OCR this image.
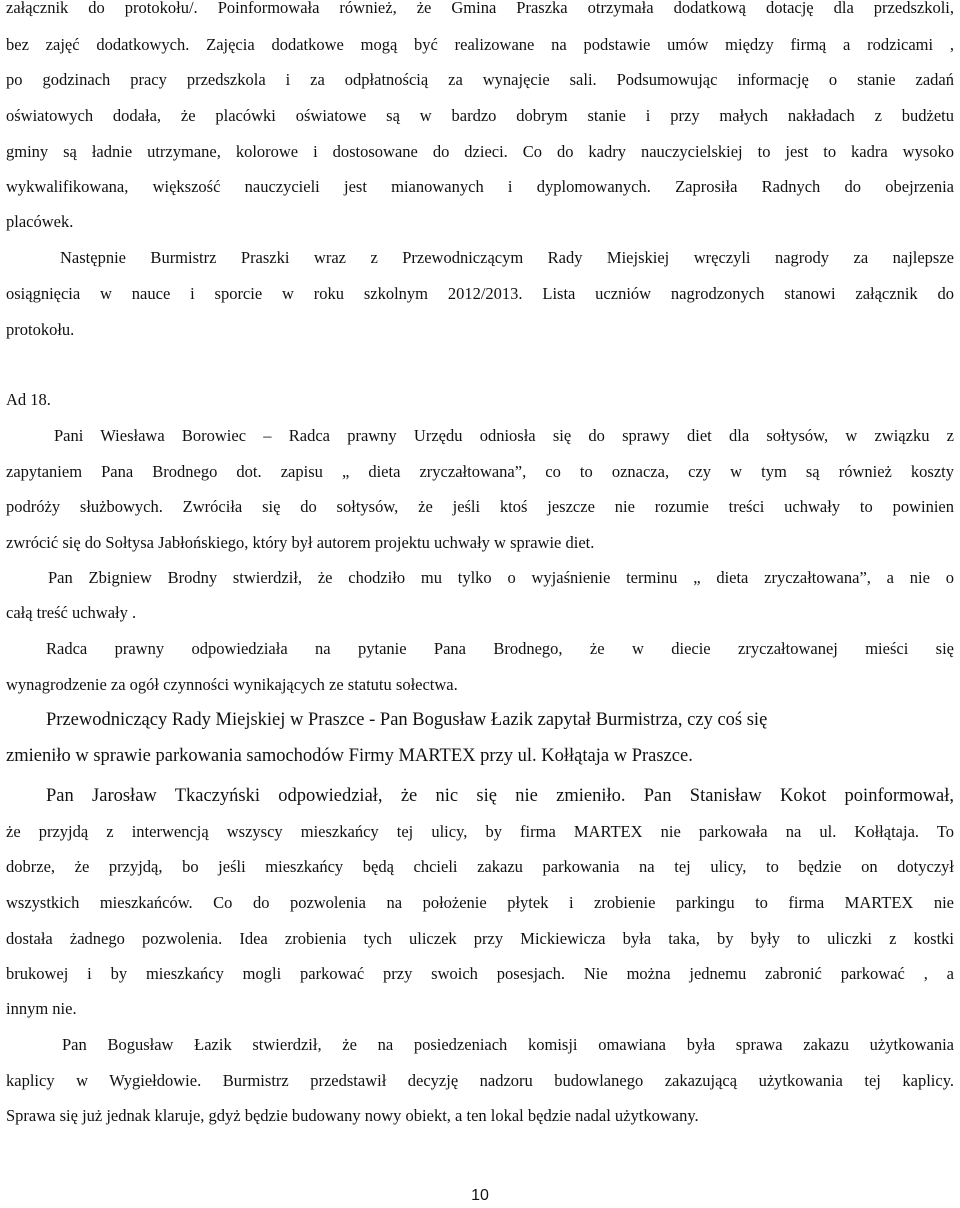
załącznik do protokołu/. Poinformowała również, że Gmina Praszka otrzymała dodatkową dotację dla przedszkoli,
bez zajęć dodatkowych. Zajęcia dodatkowe mogą być realizowane na podstawie umów między firmą a rodzicami ,
po godzinach pracy przedszkola i za odpłatnością za wynajęcie sali. Podsumowując informację o stanie zadań
oświatowych dodała, że placówki oświatowe są w bardzo dobrym stanie i przy małych nakładach z budżetu
gminy są ładnie utrzymane, kolorowe i dostosowane do dzieci. Co do kadry nauczycielskiej to jest to kadra wysoko
wykwalifikowana, większość nauczycieli jest mianowanych i dyplomowanych. Zaprosiła Radnych do obejrzenia
placówek.
Następnie Burmistrz Praszki wraz z Przewodniczącym Rady Miejskiej wręczyli nagrody za najlepsze
osiągnięcia w nauce i sporcie w roku szkolnym 2012/2013. Lista uczniów nagrodzonych stanowi załącznik do
protokołu.
Ad 18.
Pani Wiesława Borowiec – Radca prawny Urzędu odniosła się do sprawy diet dla sołtysów, w związku z
zapytaniem Pana Brodnego dot. zapisu „ dieta zryczałtowana”, co to oznacza, czy w tym są również koszty
podróży służbowych. Zwróciła się do sołtysów, że jeśli ktoś jeszcze nie rozumie treści uchwały to powinien
zwrócić się do Sołtysa Jabłońskiego, który był autorem projektu uchwały w sprawie diet.
Pan Zbigniew Brodny stwierdził, że chodziło mu tylko o wyjaśnienie terminu „ dieta zryczałtowana”, a nie o
całą treść uchwały .
Radca prawny odpowiedziała na pytanie Pana Brodnego, że w diecie zryczałtowanej mieści się
wynagrodzenie za ogół czynności wynikających ze statutu sołectwa.
Przewodniczący Rady Miejskiej w Praszce - Pan Bogusław Łazik zapytał Burmistrza, czy coś się
zmieniło w sprawie parkowania samochodów Firmy MARTEX przy ul. Kołłątaja w Praszce.
Pan Jarosław Tkaczyński odpowiedział, że nic się nie zmieniło. Pan Stanisław Kokot poinformował,
że przyjdą z interwencją wszyscy mieszkańcy tej ulicy, by firma MARTEX nie parkowała na ul. Kołłątaja. To
dobrze, że przyjdą, bo jeśli mieszkańcy będą chcieli zakazu parkowania na tej ulicy, to będzie on dotyczył
wszystkich mieszkańców. Co do pozwolenia na położenie płytek i zrobienie parkingu to firma MARTEX nie
dostała żadnego pozwolenia. Idea zrobienia tych uliczek przy Mickiewicza była taka, by były to uliczki z kostki
brukowej i by mieszkańcy mogli parkować przy swoich posesjach. Nie można jednemu zabronić parkować , a
innym nie.
Pan Bogusław Łazik stwierdził, że na posiedzeniach komisji omawiana była sprawa zakazu użytkowania
kaplicy w Wygiełdowie. Burmistrz przedstawił decyzję nadzoru budowlanego zakazującą użytkowania tej kaplicy.
Sprawa się już jednak klaruje, gdyż będzie budowany nowy obiekt, a ten lokal będzie nadal użytkowany.
10
